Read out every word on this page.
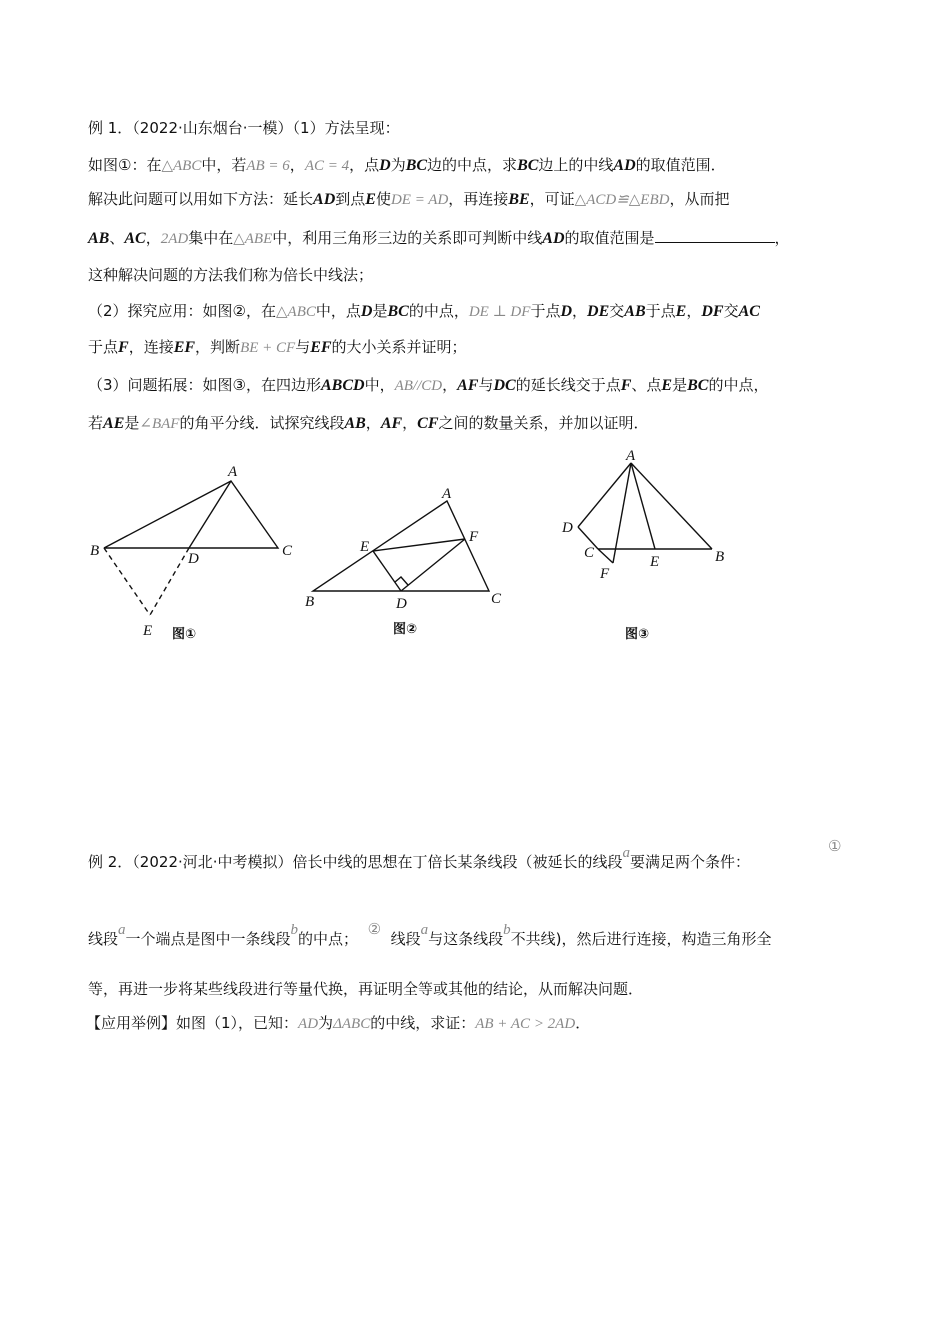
例 1．（2022·山东烟台·一模）（1）方法呈现：
如图①：在△ABC中，若AB = 6，AC = 4，点D为BC边的中点，求BC边上的中线AD的取值范围．
解决此问题可以用如下方法：延长AD到点E使DE = AD，再连接BE，可证△ACD≌△EBD，从而把
AB、AC，2AD集中在△ABE中，利用三角形三边的关系即可判断中线AD的取值范围是	，
这种解决问题的方法我们称为倍长中线法；
（2）探究应用：如图②，在△ABC中，点D是BC的中点，DE ⊥ DF于点D，DE交AB于点E，DF交AC
于点F，连接EF，判断BE + CF与EF的大小关系并证明；
（3）问题拓展：如图③，在四边形ABCD中，AB//CD，AF与DC的延长线交于点F、点E是BC的中点，
若AE是∠BAF的角平分线．试探究线段AB，AF，CF之间的数量关系，并加以证明．
A
B	C
D
E 图①
A
B	C
D
E
F
图②
A
B
C
D
E
F
图③
例 2．（2022·河北·中考模拟）倍长中线的思想在丁倍长某条线段（被延长的线段a要满足两个条件：
①
线段a一个端点是图中一条线段b的中点；  ②  线段a与这条线段b不共线)，然后进行连接，构造三角形全
等，再进一步将某些线段进行等量代换，再证明全等或其他的结论，从而解决问题．
【应用举例】如图（1），已知：AD为ΔABC的中线，求证：AB + AC > 2AD．
